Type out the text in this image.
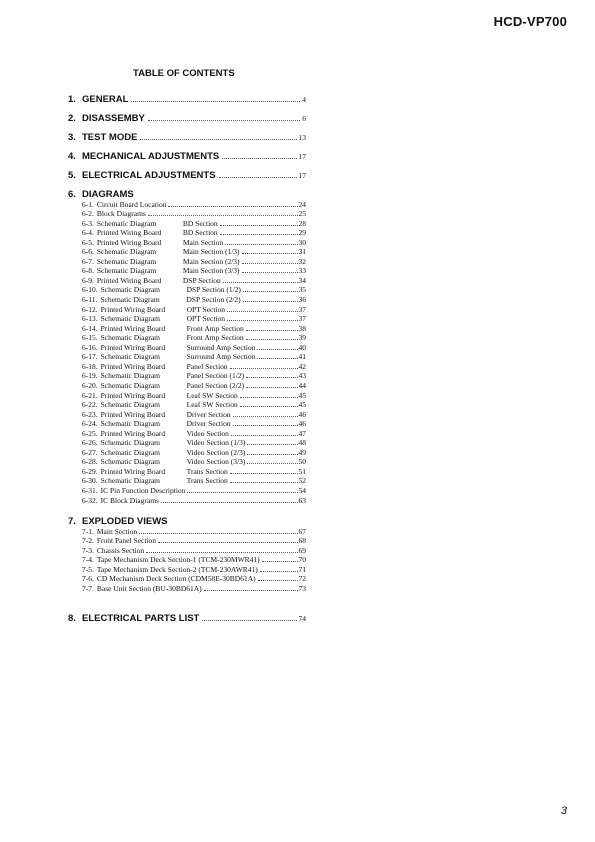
HCD-VP700
TABLE OF CONTENTS
1. GENERAL	4
2. DISASSEMBY	6
3. TEST MODE	13
4. MECHANICAL ADJUSTMENTS	17
5. ELECTRICAL ADJUSTMENTS	17
6. DIAGRAMS
6-1. Circuit Board Location	24
6-2. Block Diagrams	25
6-3. Schematic Diagram	BD Section	28
6-4. Printed Wiring Board	BD Section	29
6-5. Printed Wiring Board	Main Section	30
6-6. Schematic Diagram	Main Section (1/3)	31
6-7. Schematic Diagram	Main Section (2/3)	32
6-8. Schematic Diagram	Main Section (3/3)	33
6-9. Printed Wiring Board	DSP Section	34
6-10. Schematic Diagram	DSP Section (1/2)	35
6-11. Schematic Diagram	DSP Section (2/2)	36
6-12. Printed Wiring Board	OPT Section	37
6-13. Schematic Diagram	OPT Section	37
6-14. Printed Wiring Board	Front Amp Section	38
6-15. Schematic Diagram	Front Amp Section	39
6-16. Printed Wiring Board	Surround Amp Section	40
6-17. Schematic Diagram	Surround Amp Section	41
6-18. Printed Wiring Board	Panel Section	42
6-19. Schematic Diagram	Panel Section (1/2)	43
6-20. Schematic Diagram	Panel Section (2/2)	44
6-21. Printed Wiring Board	Leaf SW Section	45
6-22. Schematic Diagram	Leaf SW Section	45
6-23. Printed Wiring Board	Driver Section	46
6-24. Schematic Diagram	Driver Section	46
6-25. Printed Wiring Board	Video Section	47
6-26. Schematic Diagram	Video Section (1/3)	48
6-27. Schematic Diagram	Video Section (2/3)	49
6-28. Schematic Diagram	Video Section (3/3)	50
6-29. Printed Wiring Board	Trans Section	51
6-30. Schematic Diagram	Trans Section	52
6-31. IC Pin Function Description	54
6-32. IC Block Diagrams	63
7. EXPLODED VIEWS
7-1. Main Section	67
7-2. Front Panel Section	68
7-3. Chassis Section	69
7-4. Tape Mechanism Deck Section-1 (TCM-230MWR41)	70
7-5. Tape Mechanism Deck Section-2 (TCM-230AWR41)	71
7-6. CD Mechanism Deck Section (CDM58E-30BD61A)	72
7-7. Base Unit Section (BU-30BD61A)	73
8. ELECTRICAL PARTS LIST	74
3
